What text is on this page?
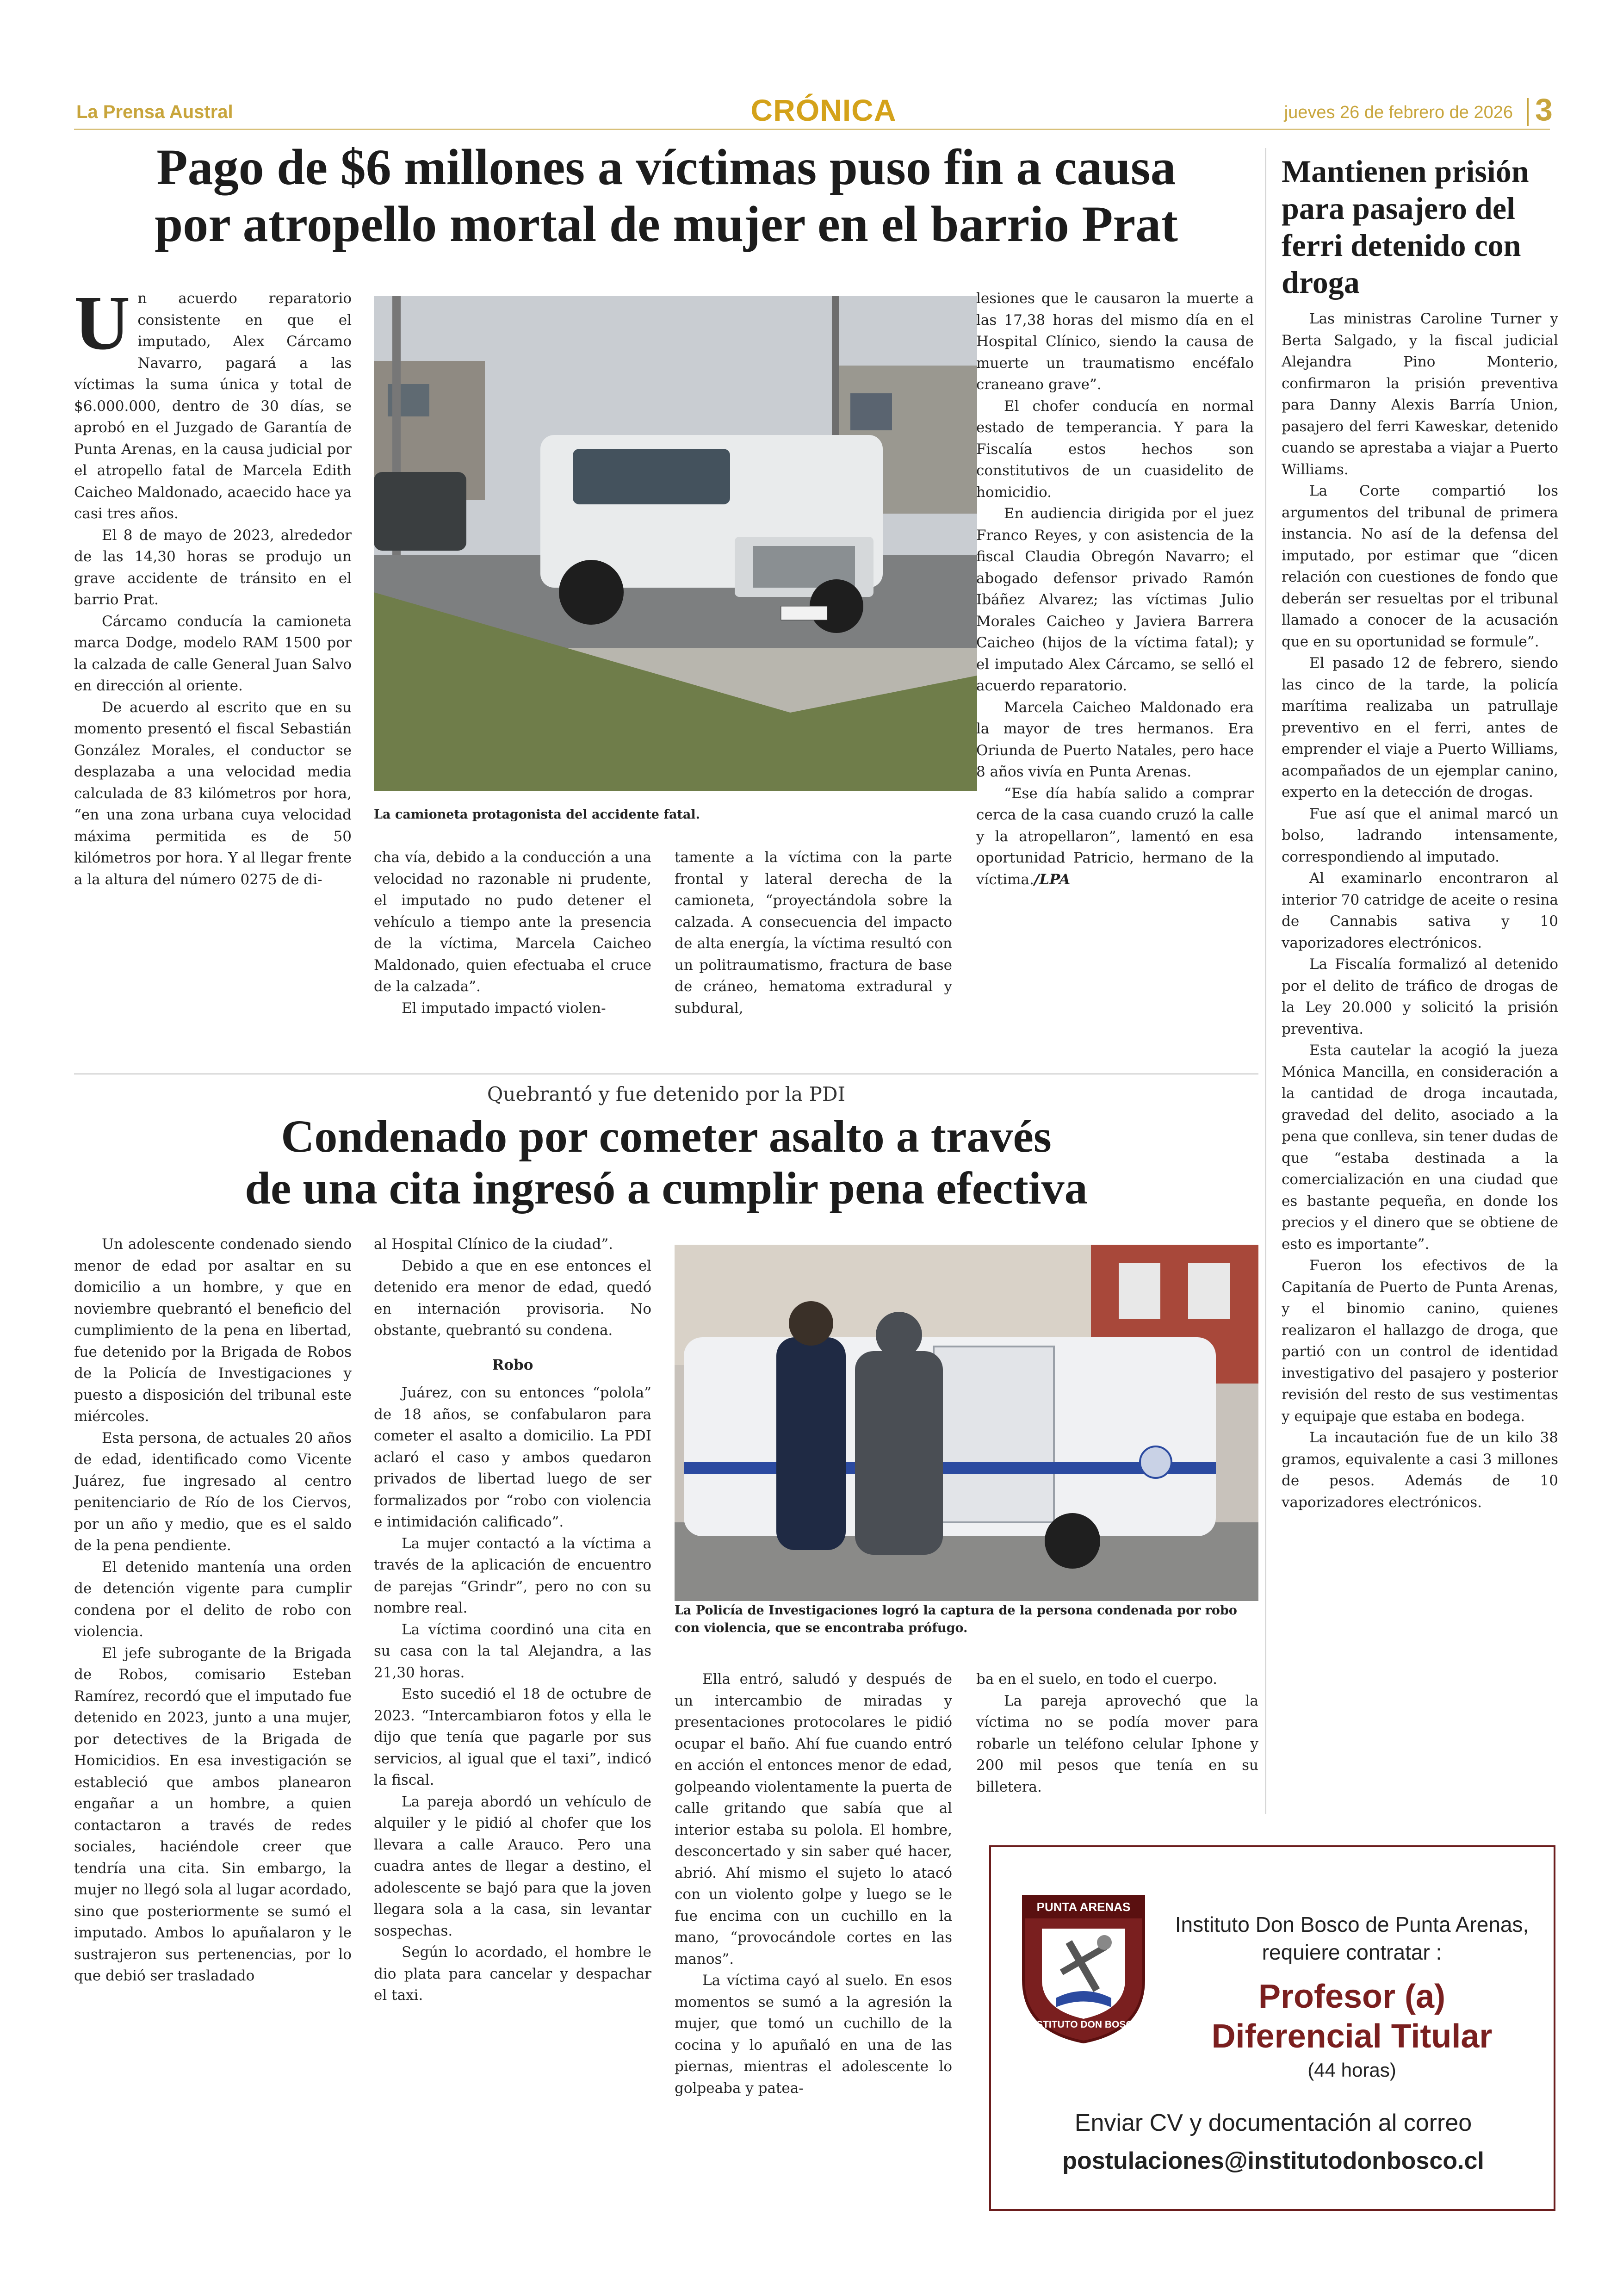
La Prensa Austral	CRÓNICA	jueves 26 de febrero de 2026 3
Pago de $6 millones a víctimas puso fin a causa
por atropello mortal de mujer en el barrio Prat

Un acuerdo reparatorio consistente en que el imputado, Alex Cárcamo Navarro, pagará a las víctimas la suma única y total de $6.000.000, dentro de 30 días, se aprobó en el Juzgado de Garantía de Punta Arenas, en la causa judicial por el atropello fatal de Marcela Edith Caicheo Maldonado, acaecido hace ya casi tres años.

El 8 de mayo de 2023, alrededor de las 14,30 horas se produjo un grave accidente de tránsito en el barrio Prat.

Cárcamo conducía la camioneta marca Dodge, modelo RAM 1500 por la calzada de calle General Juan Salvo en dirección al oriente.

De acuerdo al escrito que en su momento presentó el fiscal Sebastián González Morales, el conductor se desplazaba a una velocidad media calculada de 83 kilómetros por hora, “en una zona urbana cuya velocidad máxima permitida es de 50 kilómetros por hora. Y al llegar frente a la altura del número 0275 de di-

La camioneta protagonista del accidente fatal.

cha vía, debido a la conducción a una velocidad no razonable ni prudente, el imputado no pudo detener el vehículo a tiempo ante la presencia de la víctima, Marcela Caicheo Maldonado, quien efectuaba el cruce de la calzada”.

El imputado impactó violen-

tamente a la víctima con la parte frontal y lateral derecha de la camioneta, “proyectándola sobre la calzada. A consecuencia del impacto de alta energía, la víctima resultó con un politraumatismo, fractura de base de cráneo, hematoma extradural y subdural,

lesiones que le causaron la muerte a las 17,38 horas del mismo día en el Hospital Clínico, siendo la causa de muerte un traumatismo encéfalo craneano grave”.

El chofer conducía en normal estado de temperancia. Y para la Fiscalía estos hechos son constitutivos de un cuasidelito de homicidio.

En audiencia dirigida por el juez Franco Reyes, y con asistencia de la fiscal Claudia Obregón Navarro; el abogado defensor privado Ramón Ibáñez Alvarez; las víctimas Julio Morales Caicheo y Javiera Barrera Caicheo (hijos de la víctima fatal); y el imputado Alex Cárcamo, se selló el acuerdo reparatorio.

Marcela Caicheo Maldonado era la mayor de tres hermanos. Era Oriunda de Puerto Natales, pero hace 8 años vivía en Punta Arenas.

“Ese día había salido a comprar cerca de la casa cuando cruzó la calle y la atropellaron”, lamentó en esa oportunidad Patricio, hermano de la víctima./LPA

Quebrantó y fue detenido por la PDI
Condenado por cometer asalto a través
de una cita ingresó a cumplir pena efectiva

Un adolescente condenado siendo menor de edad por asaltar en su domicilio a un hombre, y que en noviembre quebrantó el beneficio del cumplimiento de la pena en libertad, fue detenido por la Brigada de Robos de la Policía de Investigaciones y puesto a disposición del tribunal este miércoles.

Esta persona, de actuales 20 años de edad, identificado como Vicente Juárez, fue ingresado al centro penitenciario de Río de los Ciervos, por un año y medio, que es el saldo de la pena pendiente.

El detenido mantenía una orden de detención vigente para cumplir condena por el delito de robo con violencia.

El jefe subrogante de la Brigada de Robos, comisario Esteban Ramírez, recordó que el imputado fue detenido en 2023, junto a una mujer, por detectives de la Brigada de Homicidios. En esa investigación se estableció que ambos planearon engañar a un hombre, a quien contactaron a través de redes sociales, haciéndole creer que tendría una cita. Sin embargo, la mujer no llegó sola al lugar acordado, sino que posteriormente se sumó el imputado. Ambos lo apuñalaron y le sustrajeron sus pertenencias, por lo que debió ser trasladado

al Hospital Clínico de la ciudad”.

Debido a que en ese entonces el detenido era menor de edad, quedó en internación provisoria. No obstante, quebrantó su condena.

Robo

Juárez, con su entonces “polola” de 18 años, se confabularon para cometer el asalto a domicilio. La PDI aclaró el caso y ambos quedaron privados de libertad luego de ser formalizados por “robo con violencia e intimidación calificado”.

La mujer contactó a la víctima a través de la aplicación de encuentro de parejas “Grindr”, pero no con su nombre real.

La víctima coordinó una cita en su casa con la tal Alejandra, a las 21,30 horas.

Esto sucedió el 18 de octubre de 2023. “Intercambiaron fotos y ella le dijo que tenía que pagarle por sus servicios, al igual que el taxi”, indicó la fiscal.

La pareja abordó un vehículo de alquiler y le pidió al chofer que los llevara a calle Arauco. Pero una cuadra antes de llegar a destino, el adolescente se bajó para que la joven llegara sola a la casa, sin levantar sospechas.

Según lo acordado, el hombre le dio plata para cancelar y despachar el taxi.

La Policía de Investigaciones logró la captura de la persona condenada por robo con violencia, que se encontraba prófugo.

Ella entró, saludó y después de un intercambio de miradas y presentaciones protocolares le pidió ocupar el baño. Ahí fue cuando entró en acción el entonces menor de edad, golpeando violentamente la puerta de calle gritando que sabía que al interior estaba su polola. El hombre, desconcertado y sin saber qué hacer, abrió. Ahí mismo el sujeto lo atacó con un violento golpe y luego se le fue encima con un cuchillo en la mano, “provocándole cortes en las manos”.

La víctima cayó al suelo. En esos momentos se sumó a la agresión la mujer, que tomó un cuchillo de la cocina y lo apuñaló en una de las piernas, mientras el adolescente lo golpeaba y patea-

ba en el suelo, en todo el cuerpo.

La pareja aprovechó que la víctima no se podía mover para robarle un teléfono celular Iphone y 200 mil pesos que tenía en su billetera.

Mantienen prisión para pasajero del ferri detenido con droga

Las ministras Caroline Turner y Berta Salgado, y la fiscal judicial Alejandra Pino Monterio, confirmaron la prisión preventiva para Danny Alexis Barría Union, pasajero del ferri Kaweskar, detenido cuando se aprestaba a viajar a Puerto Williams.

La Corte compartió los argumentos del tribunal de primera instancia. No así de la defensa del imputado, por estimar que “dicen relación con cuestiones de fondo que deberán ser resueltas por el tribunal llamado a conocer de la acusación que en su oportunidad se formule”.

El pasado 12 de febrero, siendo las cinco de la tarde, la policía marítima realizaba un patrullaje preventivo en el ferri, antes de emprender el viaje a Puerto Williams, acompañados de un ejemplar canino, experto en la detección de drogas.

Fue así que el animal marcó un bolso, ladrando intensamente, correspondiendo al imputado.

Al examinarlo encontraron al interior 70 catridge de aceite o resina de Cannabis sativa y 10 vaporizadores electrónicos.

La Fiscalía formalizó al detenido por el delito de tráfico de drogas de la Ley 20.000 y solicitó la prisión preventiva.

Esta cautelar la acogió la jueza Mónica Mancilla, en consideración a la cantidad de droga incautada, gravedad del delito, asociado a la pena que conlleva, sin tener dudas de que “estaba destinada a la comercialización en una ciudad que es bastante pequeña, en donde los precios y el dinero que se obtiene de esto es importante”.

Fueron los efectivos de la Capitanía de Puerto de Punta Arenas, y el binomio canino, quienes realizaron el hallazgo de droga, que partió con un control de identidad investigativo del pasajero y posterior revisión del resto de sus vestimentas y equipaje que estaba en bodega.

La incautación fue de un kilo 38 gramos, equivalente a casi 3 millones de pesos. Además de 10 vaporizadores electrónicos.

PUNTA ARENAS
INSTITUTO DON BOSCO
Instituto Don Bosco de Punta Arenas,
requiere contratar :
Profesor (a)
Diferencial Titular
(44 horas)
Enviar CV y documentación al correo
postulaciones@institutodonbosco.cl
